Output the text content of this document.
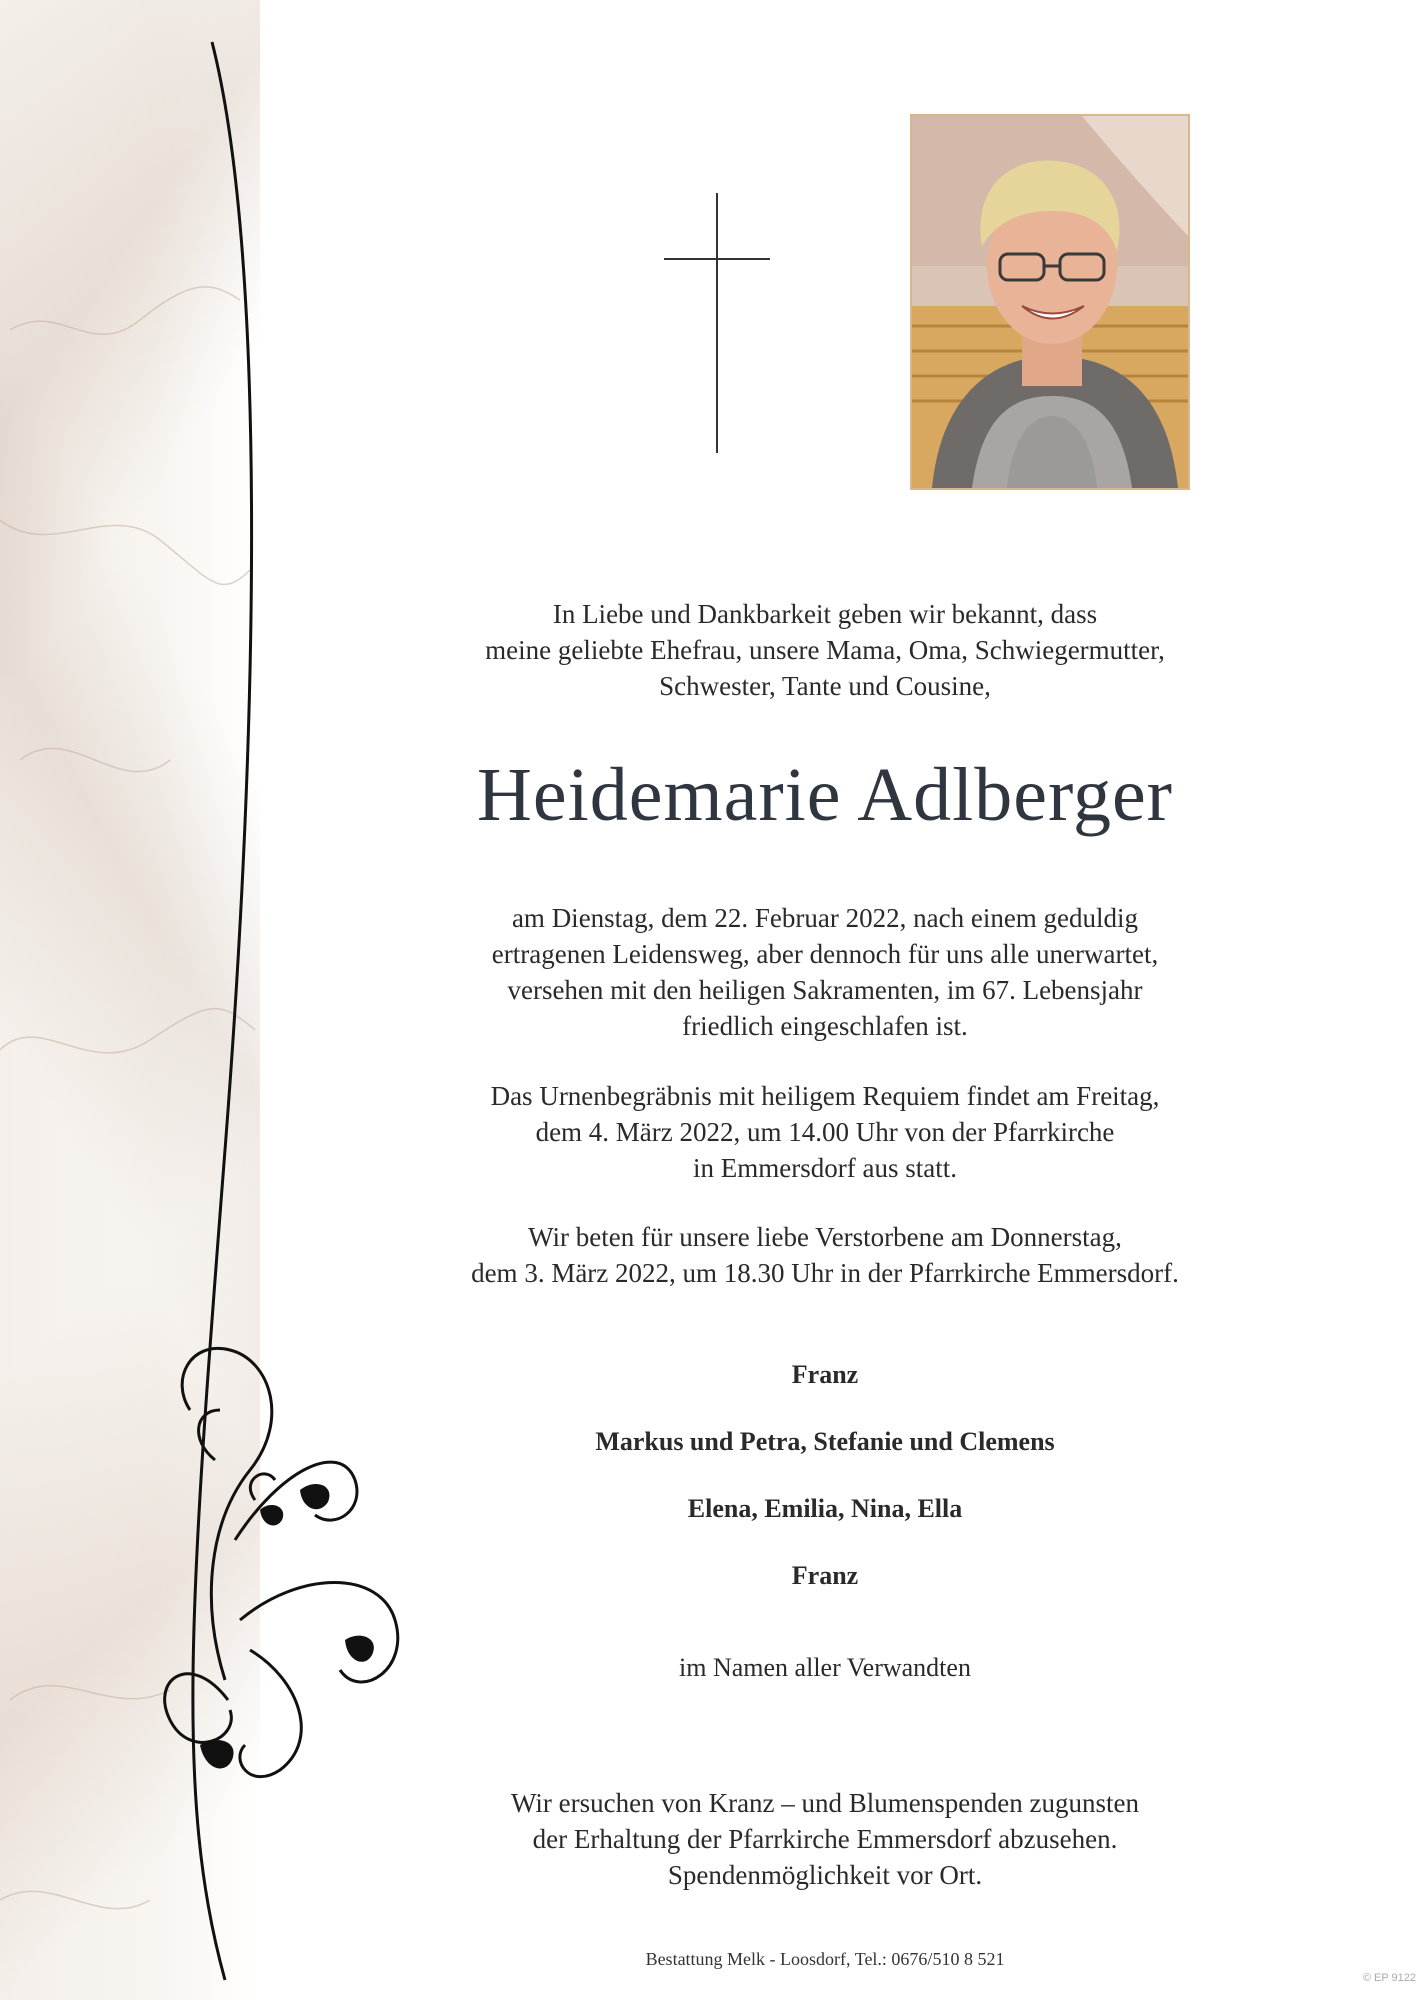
In Liebe und Dankbarkeit geben wir bekannt, dass

meine geliebte Ehefrau, unsere Mama, Oma, Schwiegermutter,

Schwester, Tante und Cousine,

Heidemarie Adlberger

am Dienstag, dem 22. Februar 2022, nach einem geduldig

ertragenen Leidensweg, aber dennoch für uns alle unerwartet,

versehen mit den heiligen Sakramenten, im 67. Lebensjahr

friedlich eingeschlafen ist.

Das Urnenbegräbnis mit heiligem Requiem findet am Freitag,

dem 4. März 2022, um 14.00 Uhr von der Pfarrkirche

in Emmersdorf aus statt.

Wir beten für unsere liebe Verstorbene am Donnerstag,

dem 3. März 2022, um 18.30 Uhr in der Pfarrkirche Emmersdorf.

Franz
Markus und Petra, Stefanie und Clemens
Elena, Emilia, Nina, Ella
Franz
im Namen aller Verwandten

Wir ersuchen von Kranz – und Blumenspenden zugunsten

der Erhaltung der Pfarrkirche Emmersdorf abzusehen.

Spendenmöglichkeit vor Ort.

Bestattung Melk - Loosdorf, Tel.: 0676/510 8 521
© EP 9122
